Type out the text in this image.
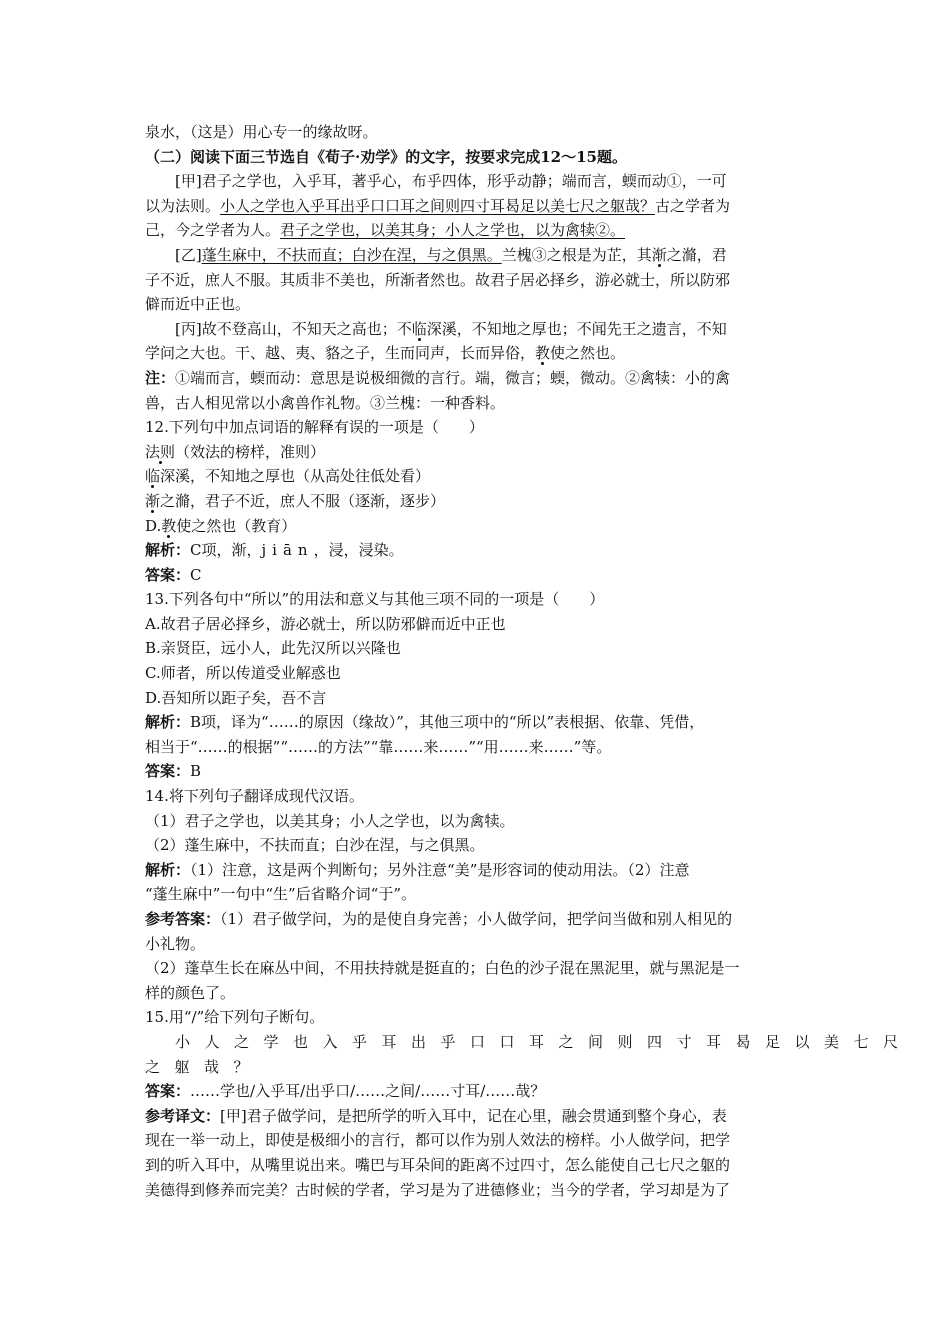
泉水，（这是）用心专一的缘故呀。
（二）阅读下面三节选自《荀子·劝学》的文字，按要求完成12～15题。
[甲]君子之学也，入乎耳，著乎心，布乎四体，形乎动静；端而言，蝡而动①，一可
以为法则。小人之学也入乎耳出乎口口耳之间则四寸耳曷足以美七尺之躯哉？古之学者为
己，今之学者为人。君子之学也，以美其身；小人之学也，以为禽犊②。
[乙]蓬生麻中，不扶而直；白沙在涅，与之俱黑。兰槐③之根是为芷，其渐之滫，君
子不近，庶人不服。其质非不美也，所渐者然也。故君子居必择乡，游必就士，所以防邪
僻而近中正也。
[丙]故不登高山，不知天之高也；不临深溪，不知地之厚也；不闻先王之遗言，不知
学问之大也。干、越、夷、貉之子，生而同声，长而异俗，教使之然也。
注：①端而言，蝡而动：意思是说极细微的言行。端，微言；蝡，微动。②禽犊：小的禽
兽，古人相见常以小禽兽作礼物。③兰槐：一种香料。
12.下列句中加点词语的解释有误的一项是（　　）
法则（效法的榜样，准则）
临深溪，不知地之厚也（从高处往低处看）
渐之滫，君子不近，庶人不服（逐渐，逐步）
D.教使之然也（教育）
解析：C项，渐，jiān，浸，浸染。
答案：C
13.下列各句中“所以”的用法和意义与其他三项不同的一项是（　　）
A.故君子居必择乡，游必就士，所以防邪僻而近中正也
B.亲贤臣，远小人，此先汉所以兴隆也
C.师者，所以传道受业解惑也
D.吾知所以距子矣，吾不言
解析：B项，译为“……的原因（缘故）”，其他三项中的“所以”表根据、依靠、凭借，
相当于“……的根据”“……的方法”“靠……来……”“用……来……”等。
答案：B
14.将下列句子翻译成现代汉语。
（1）君子之学也，以美其身；小人之学也，以为禽犊。
（2）蓬生麻中，不扶而直；白沙在涅，与之俱黑。
解析：（1）注意，这是两个判断句；另外注意“美”是形容词的使动用法。（2）注意
“蓬生麻中”一句中“生”后省略介词“于”。
参考答案：（1）君子做学问，为的是使自身完善；小人做学问，把学问当做和别人相见的
小礼物。
（2）蓬草生长在麻丛中间，不用扶持就是挺直的；白色的沙子混在黑泥里，就与黑泥是一
样的颜色了。
15.用“/”给下列句子断句。
小人之学也入乎耳出乎口口耳之间则四寸耳曷足以美七尺
之躯哉？
答案：……学也/入乎耳/出乎口/……之间/……寸耳/……哉？
参考译文：[甲]君子做学问，是把所学的听入耳中，记在心里，融会贯通到整个身心，表
现在一举一动上，即使是极细小的言行，都可以作为别人效法的榜样。小人做学问，把学
到的听入耳中，从嘴里说出来。嘴巴与耳朵间的距离不过四寸，怎么能使自己七尺之躯的
美德得到修养而完美？古时候的学者，学习是为了进德修业；当今的学者，学习却是为了
